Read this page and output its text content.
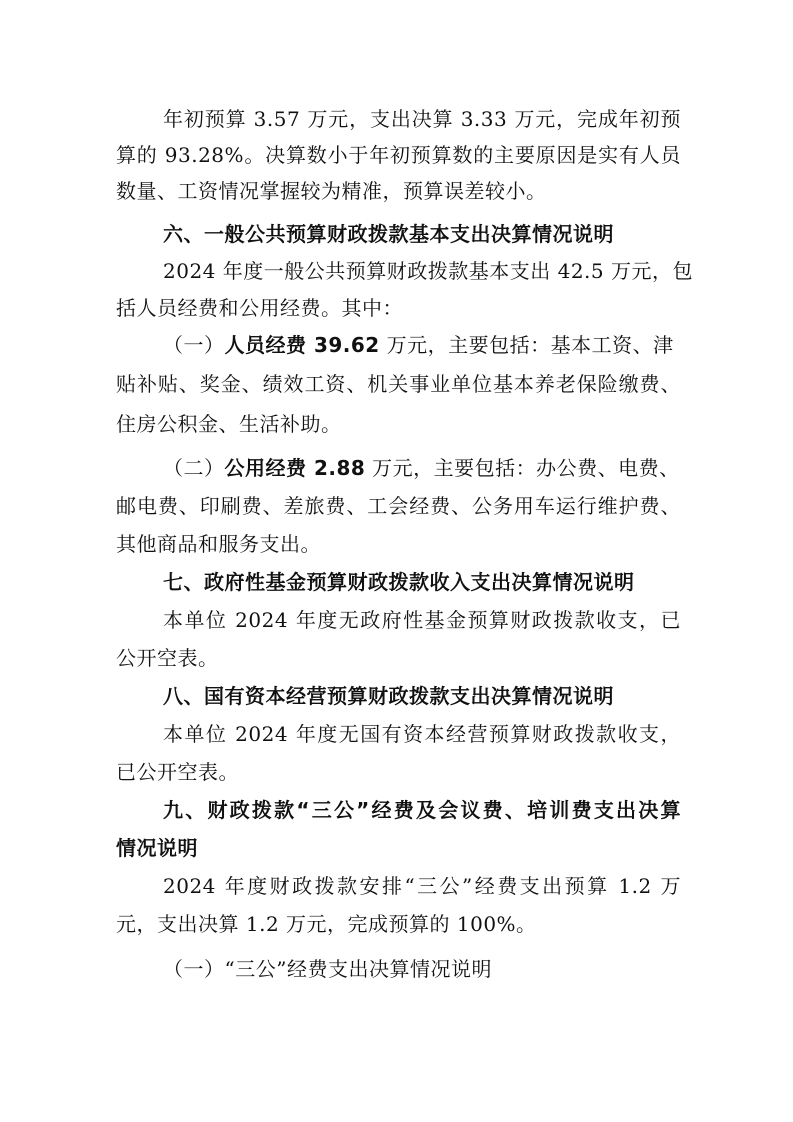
年初预算 3.57 万元，支出决算 3.33 万元，完成年初预
算的 93.28%。决算数小于年初预算数的主要原因是实有人员
数量、工资情况掌握较为精准，预算误差较小。
六、一般公共预算财政拨款基本支出决算情况说明
2024 年度一般公共预算财政拨款基本支出 42.5 万元，包
括人员经费和公用经费。其中：
（一）人员经费 39.62 万元，主要包括：基本工资、津
贴补贴、奖金、绩效工资、机关事业单位基本养老保险缴费、
住房公积金、生活补助。
（二）公用经费 2.88 万元，主要包括：办公费、电费、
邮电费、印刷费、差旅费、工会经费、公务用车运行维护费、
其他商品和服务支出。
七、政府性基金预算财政拨款收入支出决算情况说明
本单位 2024 年度无政府性基金预算财政拨款收支，已
公开空表。
八、国有资本经营预算财政拨款支出决算情况说明
本单位 2024 年度无国有资本经营预算财政拨款收支，
已公开空表。
九、财政拨款“三公”经费及会议费、培训费支出决算
情况说明
2024 年度财政拨款安排“三公”经费支出预算 1.2 万
元，支出决算 1.2 万元，完成预算的 100%。
（一）“三公”经费支出决算情况说明
